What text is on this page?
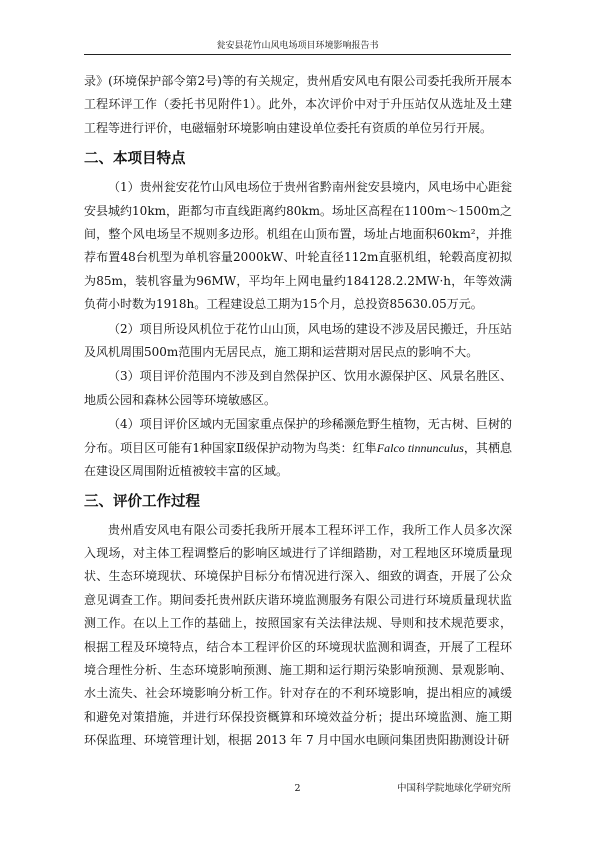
瓮安县花竹山风电场项目环境影响报告书

录》(环境保护部令第2号)等的有关规定，贵州盾安风电有限公司委托我所开展本工程环评工作（委托书见附件1）。此外，本次评价中对于升压站仅从选址及土建工程等进行评价，电磁辐射环境影响由建设单位委托有资质的单位另行开展。

二、本项目特点

（1）贵州瓮安花竹山风电场位于贵州省黔南州瓮安县境内，风电场中心距瓮安县城约10km，距都匀市直线距离约80km。场址区高程在1100m～1500m之间，整个风电场呈不规则多边形。机组在山顶布置，场址占地面积60km²，并推荐布置48台机型为单机容量2000kW、叶轮直径112m直驱机组，轮毂高度初拟为85m，装机容量为96MW，平均年上网电量约184128.2.2MW·h，年等效满负荷小时数为1918h。工程建设总工期为15个月，总投资85630.05万元。

（2）项目所设风机位于花竹山山顶，风电场的建设不涉及居民搬迁，升压站及风机周围500m范围内无居民点，施工期和运营期对居民点的影响不大。

（3）项目评价范围内不涉及到自然保护区、饮用水源保护区、风景名胜区、地质公园和森林公园等环境敏感区。

（4）项目评价区域内无国家重点保护的珍稀濒危野生植物，无古树、巨树的分布。项目区可能有1种国家Ⅱ级保护动物为鸟类：红隼Falco tinnunculus，其栖息在建设区周围附近植被较丰富的区域。

三、评价工作过程

贵州盾安风电有限公司委托我所开展本工程环评工作，我所工作人员多次深入现场，对主体工程调整后的影响区域进行了详细踏勘，对工程地区环境质量现状、生态环境现状、环境保护目标分布情况进行深入、细致的调查，开展了公众意见调查工作。期间委托贵州跃庆谐环境监测服务有限公司进行环境质量现状监测工作。在以上工作的基础上，按照国家有关法律法规、导则和技术规范要求，根据工程及环境特点，结合本工程评价区的环境现状监测和调查，开展了工程环境合理性分析、生态环境影响预测、施工期和运行期污染影响预测、景观影响、水土流失、社会环境影响分析工作。针对存在的不利环境影响，提出相应的减缓和避免对策措施，并进行环保投资概算和环境效益分析；提出环境监测、施工期环保监理、环境管理计划，根据 2013 年 7 月中国水电顾问集团贵阳勘测设计研

2	中国科学院地球化学研究所
